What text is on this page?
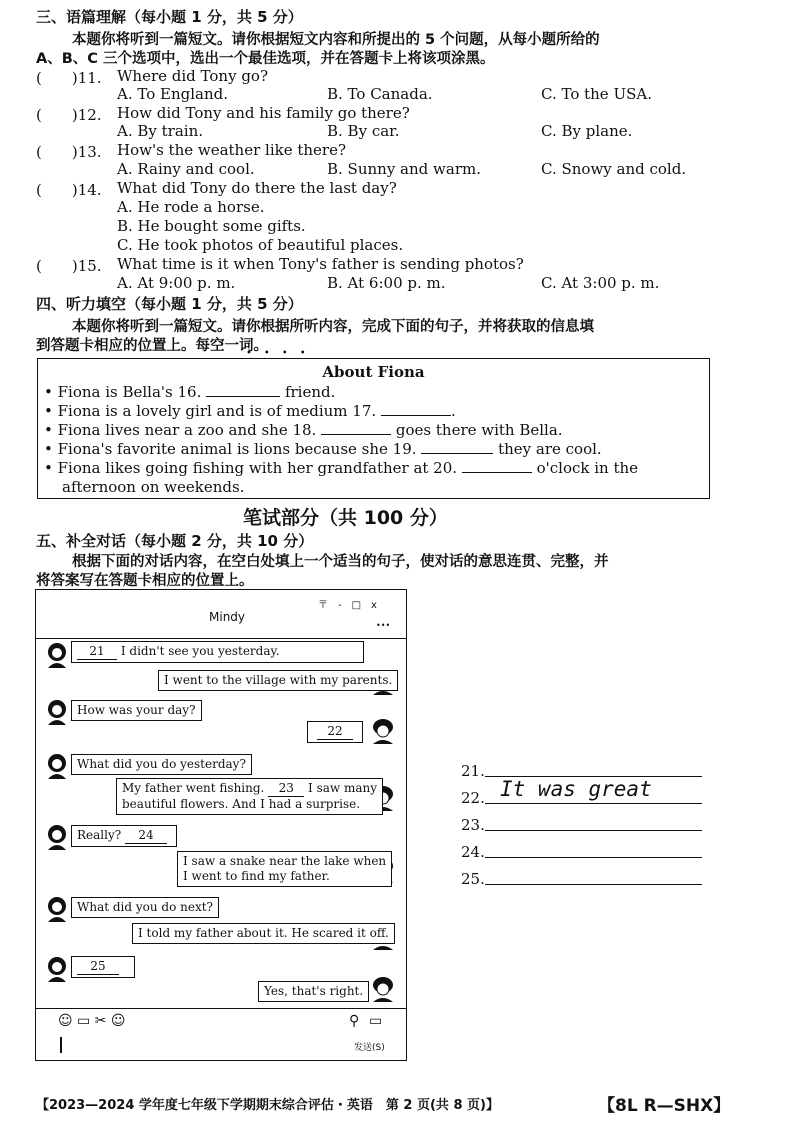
三、语篇理解（每小题 1 分，共 5 分）
本题你将听到一篇短文。请你根据短文内容和所提出的 5 个问题，从每小题所给的
A、B、C 三个选项中，选出一个最佳选项，并在答题卡上将该项涂黑。
(　　)11. Where did Tony go?
A. To England.	B. To Canada.	C. To the USA.
(　　)12. How did Tony and his family go there?
A. By train.	B. By car.	C. By plane.
(　　)13. How's the weather like there?
A. Rainy and cool.	B. Sunny and warm.	C. Snowy and cold.
(　　)14. What did Tony do there the last day?
A. He rode a horse.
B. He bought some gifts.
C. He took photos of beautiful places.
(　　)15. What time is it when Tony's father is sending photos?
A. At 9:00 p. m.	B. At 6:00 p. m.	C. At 3:00 p. m.
四、听力填空（每小题 1 分，共 5 分）
本题你将听到一篇短文。请你根据所听内容，完成下面的句子，并将获取的信息填
到答题卡相应的位置上。每空一词。
••••
About Fiona
• Fiona is Bella's 16.	friend.
• Fiona is a lovely girl and is of medium 17.	.
• Fiona lives near a zoo and she 18.	goes there with Bella.
• Fiona's favorite animal is lions because she 19.	they are cool.
• Fiona likes going fishing with her grandfather at 20.	o'clock in the
afternoon on weekends.
笔试部分（共 100 分）
五、补全对话（每小题 2 分，共 10 分）
根据下面的对话内容，在空白处填上一个适当的句子，使对话的意思连贯、完整，并
将答案写在答题卡相应的位置上。
Mindy
〒　-　□　x
•••
21 I didn't see you yesterday.
I went to the village with my parents.
How was your day?
22
What did you do yesterday?
My father went fishing. 23 I saw many
beautiful flowers. And I had a surprise.
Really? 24
I saw a snake near the lake when
I went to find my father.
What did you do next?
I told my father about it. He scared it off.
25
Yes, that's right.
☺ ▭ ✂ ☺	⚲ ▭
发送(S)
21.
22. It was great
23.
24.
25.
【2023—2024 学年度七年级下学期期末综合评估・英语　第 2 页(共 8 页)】	【8L R—SHX】
